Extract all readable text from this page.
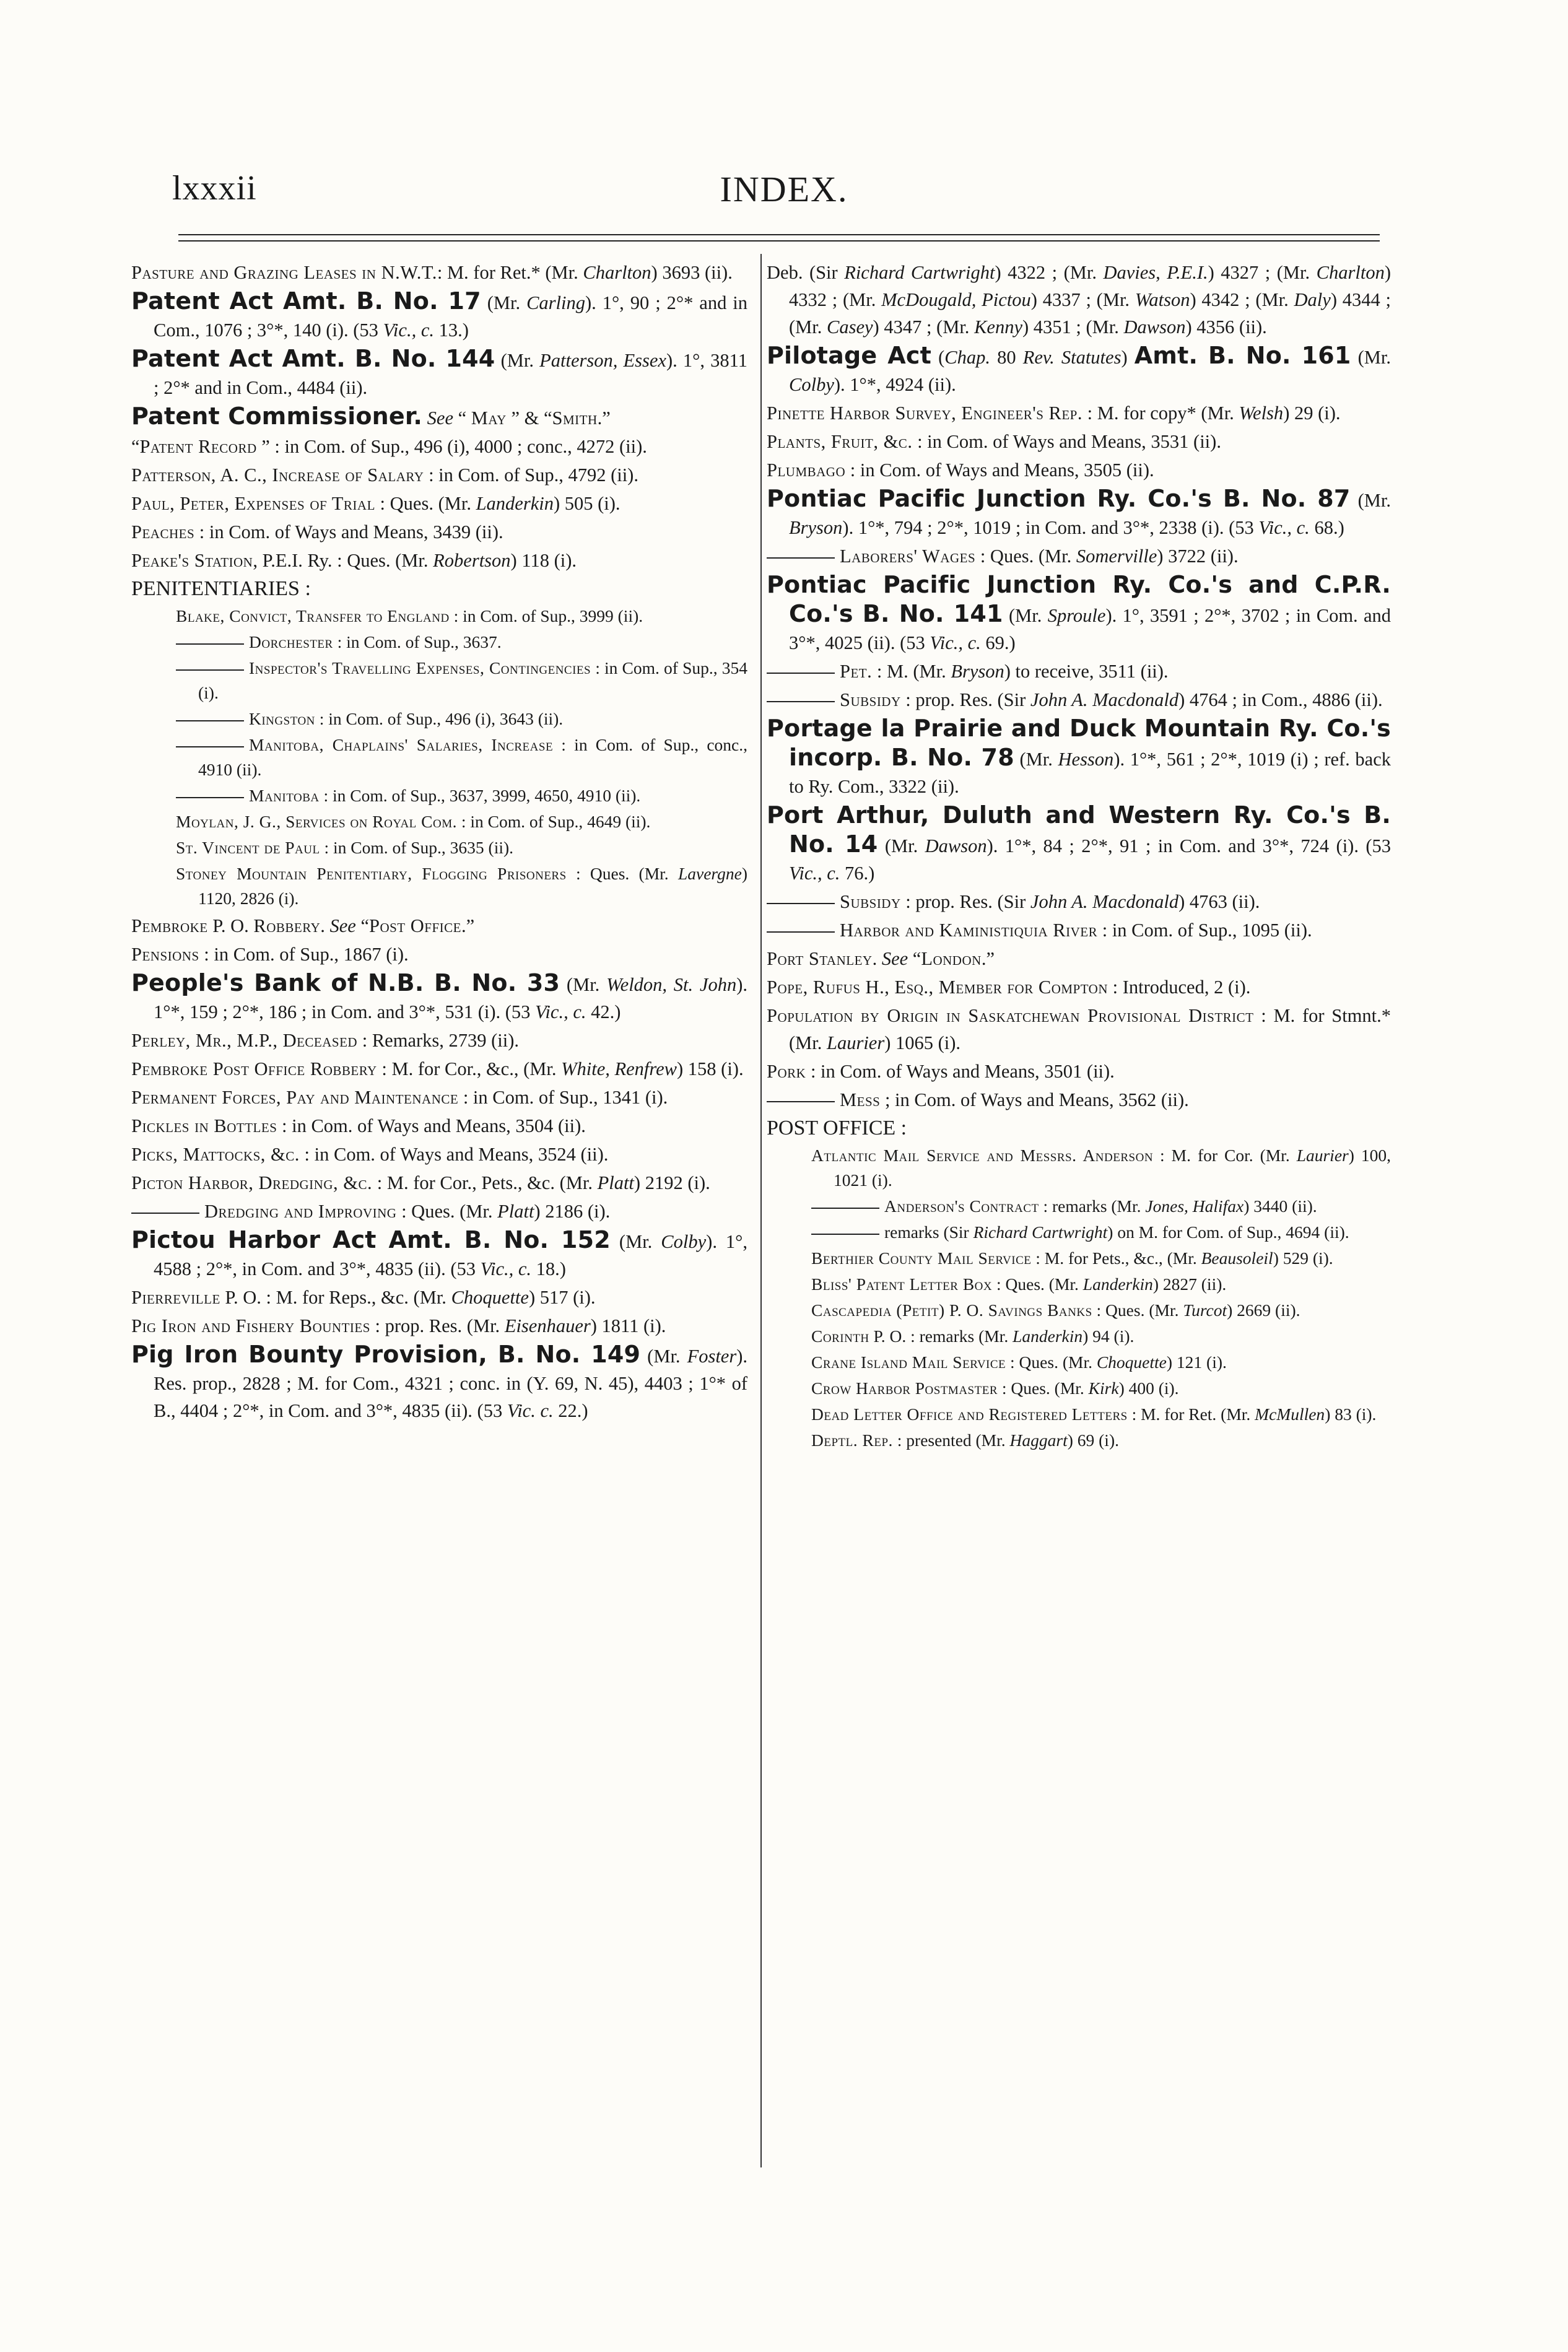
INDEX.
lxxxii
Pasture and Grazing Leases in N.W.T.: M. for Ret.* (Mr. Charlton) 3693 (ii).
Patent Act Amt. B. No. 17 (Mr. Carling). 1°, 90 ; 2°* and in Com., 1076 ; 3°*, 140 (i). (53 Vic., c. 13.)
Patent Act Amt. B. No. 144 (Mr. Patterson, Essex). 1°, 3811 ; 2°* and in Com., 4484 (ii).
Patent Commissioner. See “ May ” & “Smith.”
“Patent Record ” : in Com. of Sup., 496 (i), 4000 ; conc., 4272 (ii).
Patterson, A. C., Increase of Salary : in Com. of Sup., 4792 (ii).
Paul, Peter, Expenses of Trial : Ques. (Mr. Landerkin) 505 (i).
Peaches : in Com. of Ways and Means, 3439 (ii).
Peake's Station, P.E.I. Ry. : Ques. (Mr. Robertson) 118 (i).
PENITENTIARIES :
Blake, Convict, Transfer to England : in Com. of Sup., 3999 (ii).
Dorchester : in Com. of Sup., 3637.
Inspector's Travelling Expenses, Contingencies : in Com. of Sup., 354 (i).
Kingston : in Com. of Sup., 496 (i), 3643 (ii).
Manitoba, Chaplains' Salaries, Increase : in Com. of Sup., conc., 4910 (ii).
Manitoba : in Com. of Sup., 3637, 3999, 4650, 4910 (ii).
Moylan, J. G., Services on Royal Com. : in Com. of Sup., 4649 (ii).
St. Vincent de Paul : in Com. of Sup., 3635 (ii).
Stoney Mountain Penitentiary, Flogging Prisoners : Ques. (Mr. Lavergne) 1120, 2826 (i).
Pembroke P. O. Robbery. See “Post Office.”
Pensions : in Com. of Sup., 1867 (i).
People's Bank of N.B. B. No. 33 (Mr. Weldon, St. John). 1°*, 159 ; 2°*, 186 ; in Com. and 3°*, 531 (i). (53 Vic., c. 42.)
Perley, Mr., M.P., Deceased : Remarks, 2739 (ii).
Pembroke Post Office Robbery : M. for Cor., &c., (Mr. White, Renfrew) 158 (i).
Permanent Forces, Pay and Maintenance : in Com. of Sup., 1341 (i).
Pickles in Bottles : in Com. of Ways and Means, 3504 (ii).
Picks, Mattocks, &c. : in Com. of Ways and Means, 3524 (ii).
Picton Harbor, Dredging, &c. : M. for Cor., Pets., &c. (Mr. Platt) 2192 (i).
Dredging and Improving : Ques. (Mr. Platt) 2186 (i).
Pictou Harbor Act Amt. B. No. 152 (Mr. Colby). 1°, 4588 ; 2°*, in Com. and 3°*, 4835 (ii). (53 Vic., c. 18.)
Pierreville P. O. : M. for Reps., &c. (Mr. Choquette) 517 (i).
Pig Iron and Fishery Bounties : prop. Res. (Mr. Eisenhauer) 1811 (i).
Pig Iron Bounty Provision, B. No. 149 (Mr. Foster). Res. prop., 2828 ; M. for Com., 4321 ; conc. in (Y. 69, N. 45), 4403 ; 1°* of B., 4404 ; 2°*, in Com. and 3°*, 4835 (ii). (53 Vic. c. 22.)
Deb. (Sir Richard Cartwright) 4322 ; (Mr. Davies, P.E.I.) 4327 ; (Mr. Charlton) 4332 ; (Mr. McDougald, Pictou) 4337 ; (Mr. Watson) 4342 ; (Mr. Daly) 4344 ; (Mr. Casey) 4347 ; (Mr. Kenny) 4351 ; (Mr. Dawson) 4356 (ii).
Pilotage Act (Chap. 80 Rev. Statutes) Amt. B. No. 161 (Mr. Colby). 1°*, 4924 (ii).
Pinette Harbor Survey, Engineer's Rep. : M. for copy* (Mr. Welsh) 29 (i).
Plants, Fruit, &c. : in Com. of Ways and Means, 3531 (ii).
Plumbago : in Com. of Ways and Means, 3505 (ii).
Pontiac Pacific Junction Ry. Co.'s B. No. 87 (Mr. Bryson). 1°*, 794 ; 2°*, 1019 ; in Com. and 3°*, 2338 (i). (53 Vic., c. 68.)
Laborers' Wages : Ques. (Mr. Somerville) 3722 (ii).
Pontiac Pacific Junction Ry. Co.'s and C.P.R. Co.'s B. No. 141 (Mr. Sproule). 1°, 3591 ; 2°*, 3702 ; in Com. and 3°*, 4025 (ii). (53 Vic., c. 69.)
Pet. : M. (Mr. Bryson) to receive, 3511 (ii).
Subsidy : prop. Res. (Sir John A. Macdonald) 4764 ; in Com., 4886 (ii).
Portage la Prairie and Duck Mountain Ry. Co.'s incorp. B. No. 78 (Mr. Hesson). 1°*, 561 ; 2°*, 1019 (i) ; ref. back to Ry. Com., 3322 (ii).
Port Arthur, Duluth and Western Ry. Co.'s B. No. 14 (Mr. Dawson). 1°*, 84 ; 2°*, 91 ; in Com. and 3°*, 724 (i). (53 Vic., c. 76.)
Subsidy : prop. Res. (Sir John A. Macdonald) 4763 (ii).
Harbor and Kaministiquia River : in Com. of Sup., 1095 (ii).
Port Stanley. See “London.”
Pope, Rufus H., Esq., Member for Compton : Introduced, 2 (i).
Population by Origin in Saskatchewan Provisional District : M. for Stmnt.* (Mr. Laurier) 1065 (i).
Pork : in Com. of Ways and Means, 3501 (ii).
Mess ; in Com. of Ways and Means, 3562 (ii).
POST OFFICE :
Atlantic Mail Service and Messrs. Anderson : M. for Cor. (Mr. Laurier) 100, 1021 (i).
Anderson's Contract : remarks (Mr. Jones, Halifax) 3440 (ii).
remarks (Sir Richard Cartwright) on M. for Com. of Sup., 4694 (ii).
Berthier County Mail Service : M. for Pets., &c., (Mr. Beausoleil) 529 (i).
Bliss' Patent Letter Box : Ques. (Mr. Landerkin) 2827 (ii).
Cascapedia (Petit) P. O. Savings Banks : Ques. (Mr. Turcot) 2669 (ii).
Corinth P. O. : remarks (Mr. Landerkin) 94 (i).
Crane Island Mail Service : Ques. (Mr. Choquette) 121 (i).
Crow Harbor Postmaster : Ques. (Mr. Kirk) 400 (i).
Dead Letter Office and Registered Letters : M. for Ret. (Mr. McMullen) 83 (i).
Deptl. Rep. : presented (Mr. Haggart) 69 (i).
